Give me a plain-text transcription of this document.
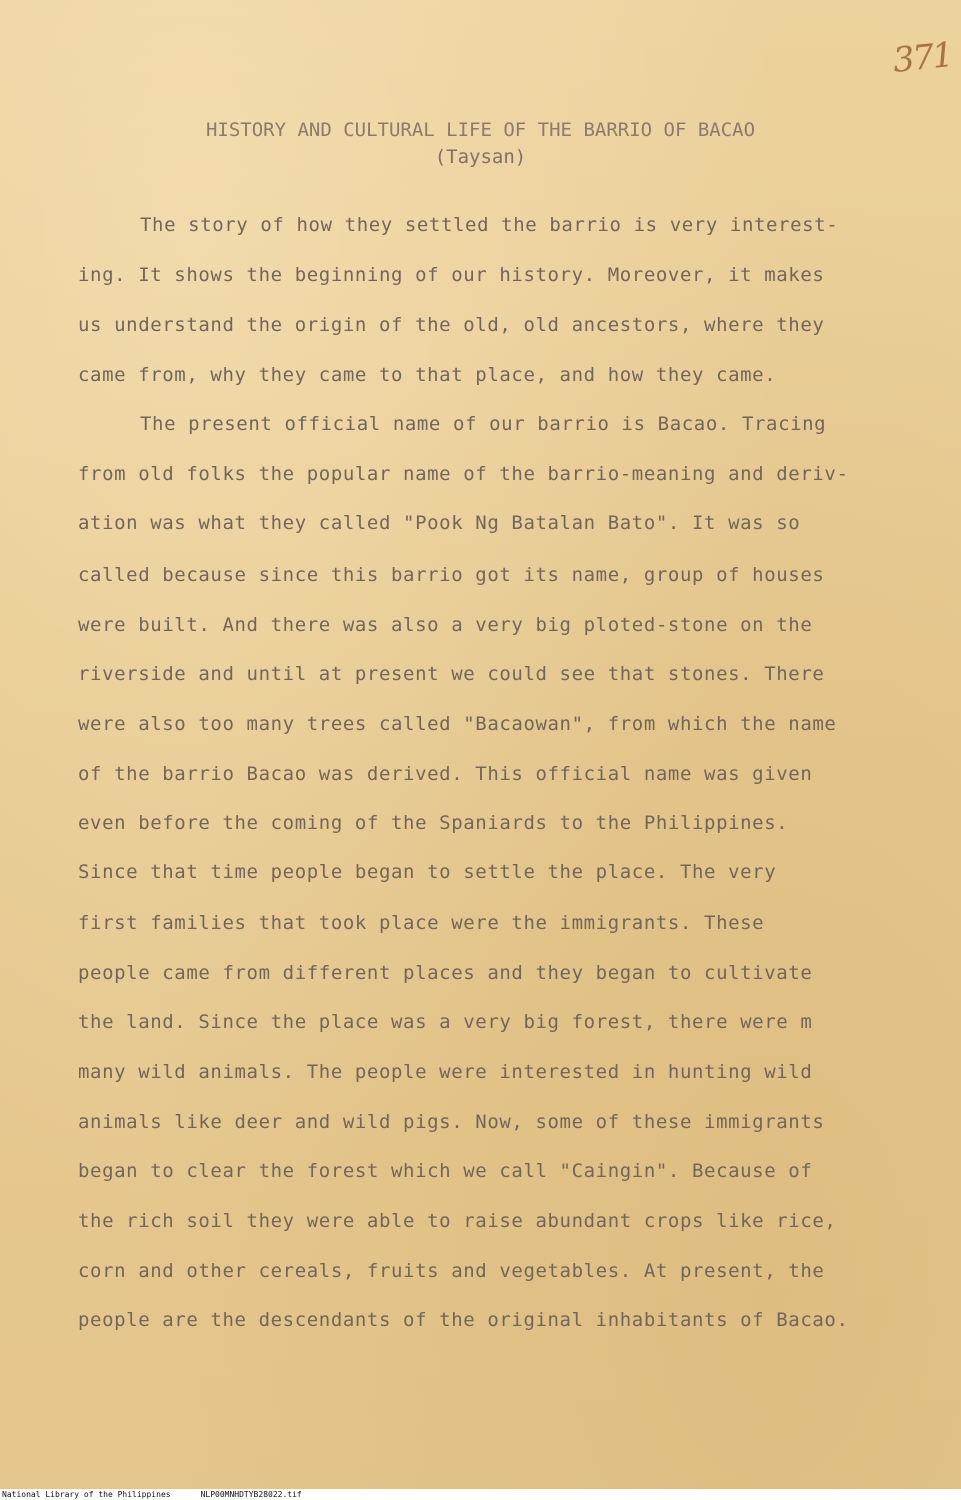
371
HISTORY AND CULTURAL LIFE OF THE BARRIO OF BACAO
(Taysan)
The story of how they settled the barrio is very interest-
ing. It shows the beginning of our history. Moreover, it makes
us understand the origin of the old, old ancestors, where they
came from, why they came to that place, and how they came.
The present official name of our barrio is Bacao. Tracing
from old folks the popular name of the barrio-meaning and deriv-
ation was what they called "Pook Ng Batalan Bato". It was so
called because since this barrio got its name, group of houses
were built. And there was also a very big ploted-stone on the
riverside and until at present we could see that stones. There
were also too many trees called "Bacaowan", from which the name
of the barrio Bacao was derived. This official name was given
even before the coming of the Spaniards to the Philippines.
Since that time people began to settle the place. The very
first families that took place were the immigrants. These
people came from different places and they began to cultivate
the land. Since the place was a very big forest, there were m
many wild animals. The people were interested in hunting wild
animals like deer and wild pigs. Now, some of these immigrants
began to clear the forest which we call "Caingin". Because of
the rich soil they were able to raise abundant crops like rice,
corn and other cereals, fruits and vegetables. At present, the
people are the descendants of the original inhabitants of Bacao.
National Library of the Philippines	NLP00MNHDTYB28022.tif
